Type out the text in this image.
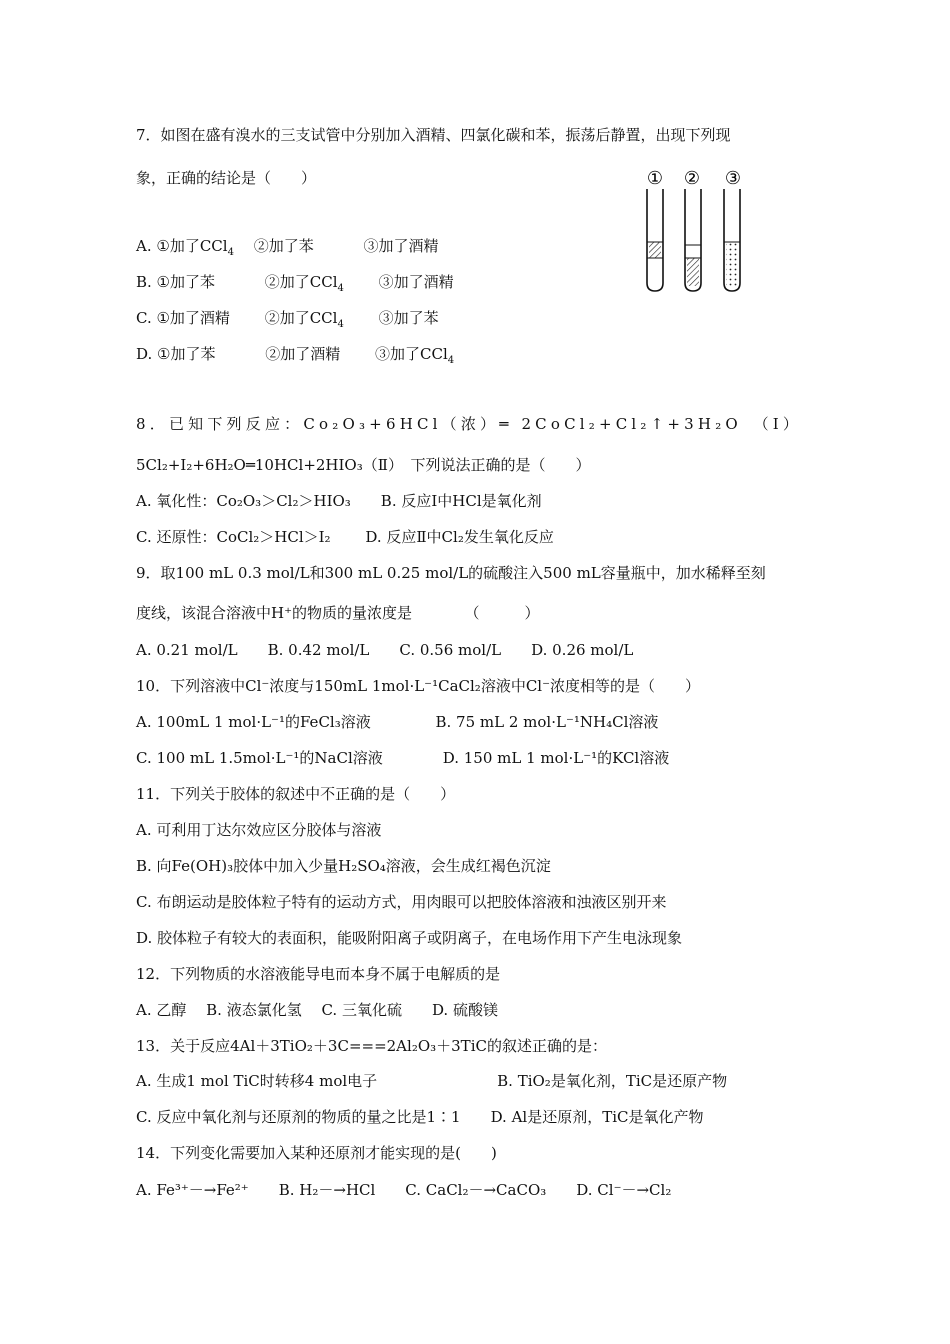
7．如图在盛有溴水的三支试管中分别加入酒精、四氯化碳和苯，振荡后静置，出现下列现
象，正确的结论是（　　）
A. ①加了CCl$_4$　 ②加了苯　　　 ③加了酒精
B. ①加了苯　　　 ②加了CCl$_4$　　 ③加了酒精
C. ①加了酒精　　 ②加了CCl$_4$　　 ③加了苯
D. ①加了苯　　　 ②加了酒精　　 ③加了CCl$_4$
① ② ③
8．已知下列反应：Co₂O₃+6HCl（浓）═ 2CoCl₂+Cl₂↑+3H₂O　（Ⅰ）
5Cl₂+I₂+6H₂O═10HCl+2HIO₃（Ⅱ）　下列说法正确的是（　　）
A. 氧化性：Co₂O₃＞Cl₂＞HIO₃　　B. 反应Ⅰ中HCl是氧化剂
C. 还原性：CoCl₂＞HCl＞I₂　　 D. 反应Ⅱ中Cl₂发生氧化反应
9．取100 mL 0.3 mol/L和300 mL 0.25 mol/L的硫酸注入500 mL容量瓶中，加水稀释至刻
度线，该混合溶液中H⁺的物质的量浓度是　　　　（　　　）
A. 0.21 mol/L　　B. 0.42 mol/L　　C. 0.56 mol/L　　D. 0.26 mol/L
10．下列溶液中Cl⁻浓度与150mL 1mol·L⁻¹CaCl₂溶液中Cl⁻浓度相等的是（　　）
A. 100mL 1 mol·L⁻¹的FeCl₃溶液　　　　 B. 75 mL 2 mol·L⁻¹NH₄Cl溶液
C. 100 mL 1.5mol·L⁻¹的NaCl溶液　　　　D. 150 mL 1 mol·L⁻¹的KCl溶液
11．下列关于胶体的叙述中不正确的是（　　）
A. 可利用丁达尔效应区分胶体与溶液
B. 向Fe(OH)₃胶体中加入少量H₂SO₄溶液，会生成红褐色沉淀
C. 布朗运动是胶体粒子特有的运动方式，用肉眼可以把胶体溶液和浊液区别开来
D. 胶体粒子有较大的表面积，能吸附阳离子或阴离子，在电场作用下产生电泳现象
12．下列物质的水溶液能导电而本身不属于电解质的是
A. 乙醇　 B. 液态氯化氢　 C. 三氧化硫　　D. 硫酸镁
13．关于反应4Al＋3TiO₂＋3C===2Al₂O₃＋3TiC的叙述正确的是：
A. 生成1 mol TiC时转移4 mol电子　　　　　　　　B. TiO₂是氧化剂，TiC是还原产物
C. 反应中氧化剂与还原剂的物质的量之比是1∶1　　D. Al是还原剂，TiC是氧化产物
14．下列变化需要加入某种还原剂才能实现的是(　　)
A. Fe³⁺－→Fe²⁺　　B. H₂－→HCl　　C. CaCl₂－→CaCO₃　　D. Cl⁻－→Cl₂
